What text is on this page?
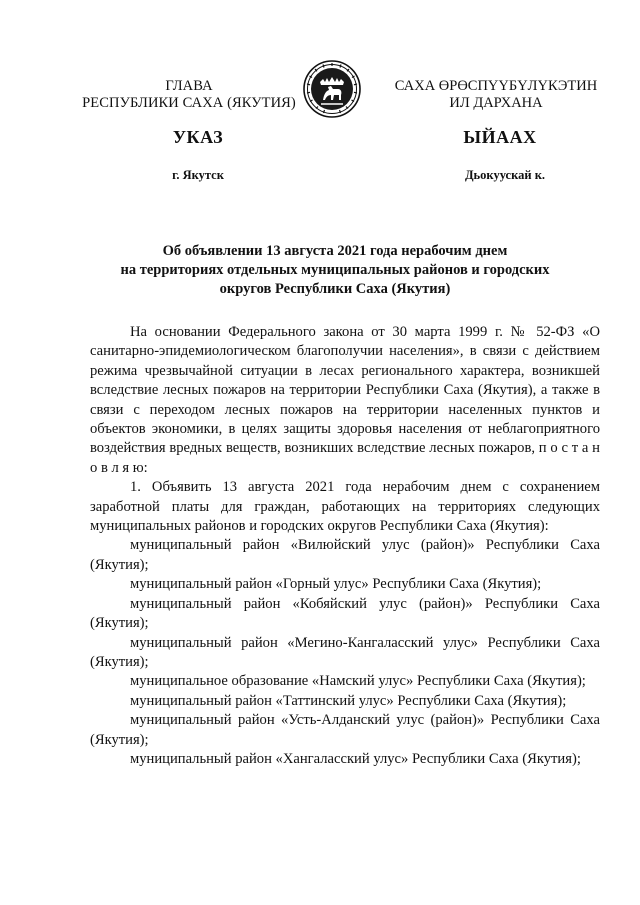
ГЛАВА
РЕСПУБЛИКИ САХА (ЯКУТИЯ)
САХА ӨРӨСПҮҮБҮЛҮКЭТИН
ИЛ ДАРХАНА
УКАЗ	ЫЙААХ
г. Якутск	Дьокуускай к.
Об объявлении 13 августа 2021 года нерабочим днем
на территориях отдельных муниципальных районов и городских
округов Республики Саха (Якутия)

На основании Федерального закона от 30 марта 1999 г. № 52-ФЗ «О санитарно-эпидемиологическом благополучии населения», в связи с действием режима чрезвычайной ситуации в лесах регионального характера, возникшей вследствие лесных пожаров на территории Республики Саха (Якутия), а также в связи с переходом лесных пожаров на территории населенных пунктов и объектов экономики, в целях защиты здоровья населения от неблагоприятного воздействия вредных веществ, возникших вследствие лесных пожаров, п о с т а н о в л я ю:

1. Объявить 13 августа 2021 года нерабочим днем с сохранением заработной платы для граждан, работающих на территориях следующих муниципальных районов и городских округов Республики Саха (Якутия):

муниципальный район «Вилюйский улус (район)» Республики Саха (Якутия);

муниципальный район «Горный улус» Республики Саха (Якутия);

муниципальный район «Кобяйский улус (район)» Республики Саха (Якутия);

муниципальный район «Мегино-Кангаласский улус» Республики Саха (Якутия);

муниципальное образование «Намский улус» Республики Саха (Якутия);

муниципальный район «Таттинский улус» Республики Саха (Якутия);

муниципальный район «Усть-Алданский улус (район)» Республики Саха (Якутия);

муниципальный район «Хангаласский улус» Республики Саха (Якутия);
